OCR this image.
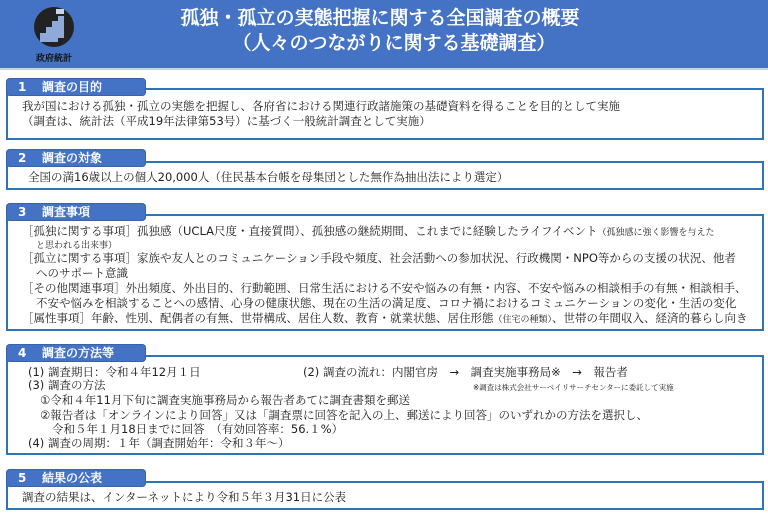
政府統計
孤独・孤立の実態把握に関する全国調査の概要
（人々のつながりに関する基礎調査）
1 調査の目的
我が国における孤独・孤立の実態を把握し、各府省における関連行政諸施策の基礎資料を得ることを目的として実施
（調査は、統計法（平成19年法律第53号）に基づく一般統計調査として実施）
2 調査の対象
全国の満16歳以上の個人20,000人（住民基本台帳を母集団とした無作為抽出法により選定）
3 調査事項
［孤独に関する事項］孤独感（UCLA尺度・直接質問）、孤独感の継続期間、これまでに経験したライフイベント（孤独感に強く影響を与えた
と思われる出来事）
［孤立に関する事項］家族や友人とのコミュニケーション手段や頻度、社会活動への参加状況、行政機関・NPO等からの支援の状況、他者
へのサポート意識
［その他関連事項］外出頻度、外出目的、行動範囲、日常生活における不安や悩みの有無・内容、不安や悩みの相談相手の有無・相談相手、
不安や悩みを相談することへの感情、心身の健康状態、現在の生活の満足度、コロナ禍におけるコミュニケーションの変化・生活の変化
［属性事項］年齢、性別、配偶者の有無、世帯構成、居住人数、教育・就業状態、居住形態（住宅の種類）、世帯の年間収入、経済的暮らし向き
4 調査の方法等
(1) 調査期日：令和４年12月１日	(2) 調査の流れ：内閣官房　→　調査実施事務局※　→　報告者
※調査は株式会社サーベイリサーチセンターに委託して実施
(3) 調査の方法
①令和４年11月下旬に調査実施事務局から報告者あてに調査書類を郵送
②報告者は「オンラインにより回答」又は「調査票に回答を記入の上、郵送により回答」のいずれかの方法を選択し、
令和５年１月18日までに回答　（有効回答率：56.１%）
(4) 調査の周期：１年（調査開始年：令和３年～）
5 結果の公表
調査の結果は、インターネットにより令和５年３月31日に公表
